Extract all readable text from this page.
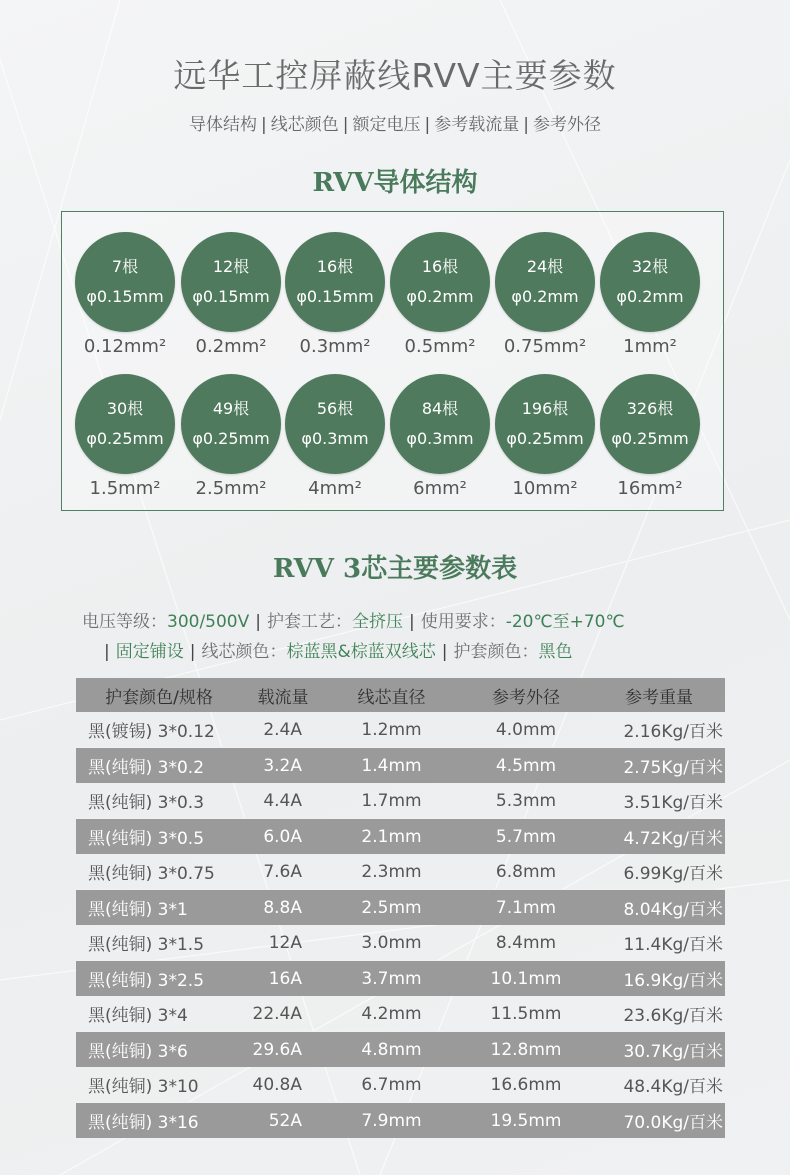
远华工控屏蔽线RVV主要参数
导体结构 | 线芯颜色 | 额定电压 | 参考载流量 | 参考外径
RVV导体结构
7根
φ0.15mm
0.12mm²
12根
φ0.15mm
0.2mm²
16根
φ0.15mm
0.3mm²
16根
φ0.2mm
0.5mm²
24根
φ0.2mm
0.75mm²
32根
φ0.2mm
1mm²
30根
φ0.25mm
1.5mm²
49根
φ0.25mm
2.5mm²
56根
φ0.3mm
4mm²
84根
φ0.3mm
6mm²
196根
φ0.25mm
10mm²
326根
φ0.25mm
16mm²
RVV 3芯主要参数表
电压等级：300/500V | 护套工艺：全挤压 | 使用要求：-20℃至+70℃
| 固定铺设 | 线芯颜色：棕蓝黑&棕蓝双线芯 | 护套颜色：黑色
护套颜色/规格	载流量	线芯直径	参考外径	参考重量
黑(镀锡) 3*0.12	2.4A	1.2mm	4.0mm	2.16Kg/百米
黑(纯铜) 3*0.2	3.2A	1.4mm	4.5mm	2.75Kg/百米
黑(纯铜) 3*0.3	4.4A	1.7mm	5.3mm	3.51Kg/百米
黑(纯铜) 3*0.5	6.0A	2.1mm	5.7mm	4.72Kg/百米
黑(纯铜) 3*0.75	7.6A	2.3mm	6.8mm	6.99Kg/百米
黑(纯铜) 3*1	8.8A	2.5mm	7.1mm	8.04Kg/百米
黑(纯铜) 3*1.5	12A	3.0mm	8.4mm	11.4Kg/百米
黑(纯铜) 3*2.5	16A	3.7mm	10.1mm	16.9Kg/百米
黑(纯铜) 3*4	22.4A	4.2mm	11.5mm	23.6Kg/百米
黑(纯铜) 3*6	29.6A	4.8mm	12.8mm	30.7Kg/百米
黑(纯铜) 3*10	40.8A	6.7mm	16.6mm	48.4Kg/百米
黑(纯铜) 3*16	52A	7.9mm	19.5mm	70.0Kg/百米
